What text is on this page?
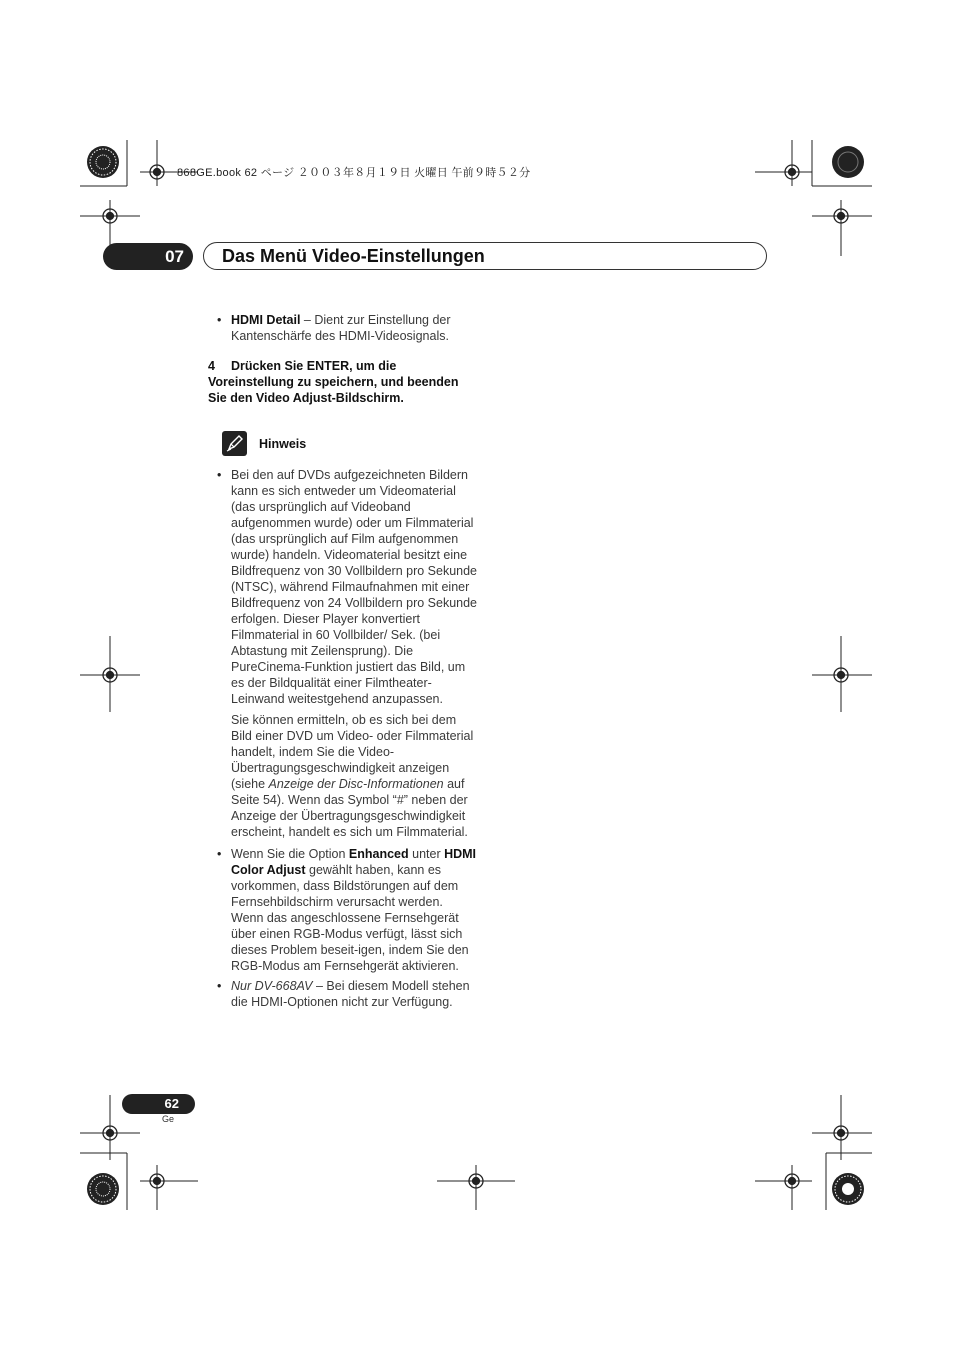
868GE.book 62 ページ ２００３年８月１９日 火曜日 午前９時５２分
07	Das Menü Video-Einstellungen
• HDMI Detail – Dient zur Einstellung der Kantenschärfe des HDMI-Videosignals.
4 Drücken Sie ENTER, um die Voreinstellung zu speichern, und beenden Sie den Video Adjust-Bildschirm.
Hinweis
• Bei den auf DVDs aufgezeichneten Bildern kann es sich entweder um Videomaterial (das ursprünglich auf Videoband aufgenommen wurde) oder um Filmmaterial (das ursprünglich auf Film aufgenommen wurde) handeln. Videomaterial besitzt eine Bildfrequenz von 30 Vollbildern pro Sekunde (NTSC), während Filmaufnahmen mit einer Bildfrequenz von 24 Vollbildern pro Sekunde erfolgen. Dieser Player konvertiert Filmmaterial in 60 Vollbilder/ Sek. (bei Abtastung mit Zeilensprung). Die PureCinema-Funktion justiert das Bild, um es der Bildqualität einer Filmtheater-Leinwand weitestgehend anzupassen.
Sie können ermitteln, ob es sich bei dem Bild einer DVD um Video- oder Filmmaterial handelt, indem Sie die Video-Übertragungsgeschwindigkeit anzeigen (siehe Anzeige der Disc-Informationen auf Seite 54). Wenn das Symbol “#” neben der Anzeige der Übertragungsgeschwindigkeit erscheint, handelt es sich um Filmmaterial.
• Wenn Sie die Option Enhanced unter HDMI Color Adjust gewählt haben, kann es vorkommen, dass Bildstörungen auf dem Fernsehbildschirm verursacht werden. Wenn das angeschlossene Fernsehgerät über einen RGB-Modus verfügt, lässt sich dieses Problem beseit-igen, indem Sie den RGB-Modus am Fernsehgerät aktivieren.
• Nur DV-668AV – Bei diesem Modell stehen die HDMI-Optionen nicht zur Verfügung.
62
Ge
